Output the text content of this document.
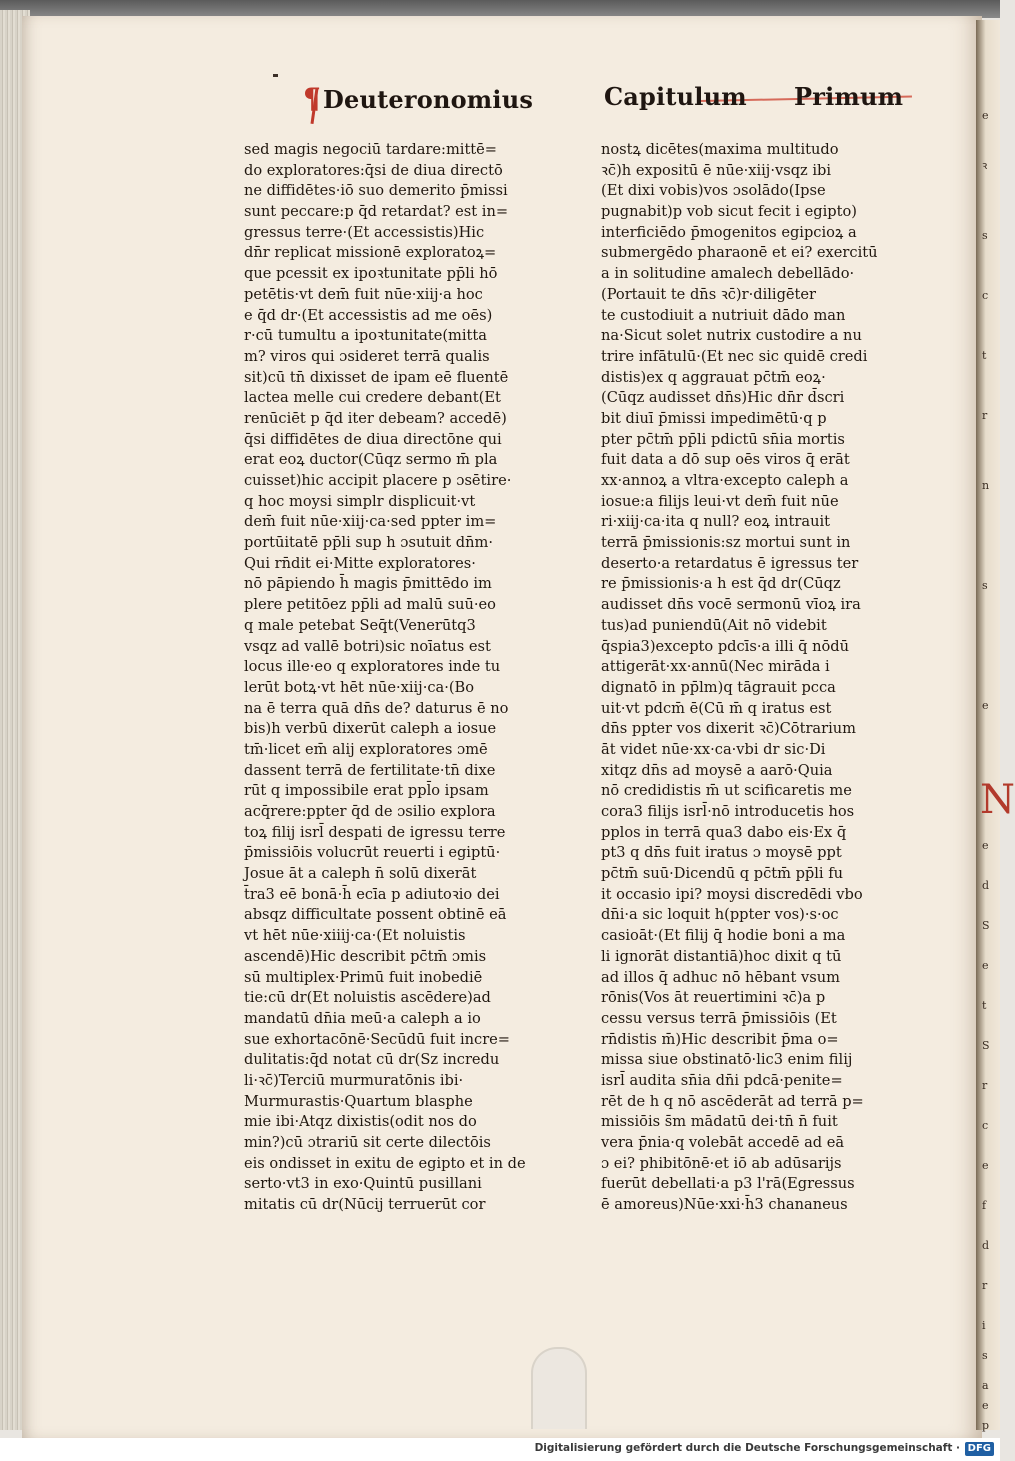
e
ꝛ
s
c
t
r
n
s
e
N
e
d
S
e
t
S
r
c
e
f
d
r
i
s
a
e
p
¶Deuteronomius	Capitulum Primum
sed magis negociū tardare:mittē=
do exploratores:q̄si de diua directō
ne diffidētes·iō suo demerito p̄missi
sunt peccare:p q̄d retardat? est in=
gressus terre·(Et accessistis)Hic
dn̄r replicat missionē exploratoꝝ=
que pcessit ex ipoꝛtunitate pp̄li hō
petētis·vt dem̄ fuit nūe·xiij·a hoc
e q̄d dr·(Et accessistis ad me oēs)
r·cū tumultu a ipoꝛtunitate(mitta
m? viros qui ɔsideret terrā qualis
sit)cū tn̄ dixisset de ipam eē fluentē
lactea melle cui credere debant(Et
renūciēt p q̄d iter debeam? accedē)
q̄si diffidētes de diua directōne qui
erat eoꝝ ductor(Cūqz sermo m̄ pla
cuisset)hic accipit placere p ɔsētire·
q hoc moysi simplr displicuit·vt
dem̄ fuit nūe·xiij·ca·sed ppter im=
portūitatē pp̄li sup h ɔsutuit dn̄m·
Qui rn̄dit ei·Mitte exploratores·
nō pāpiendo h̄ magis p̄mittēdo im
plere petitōez pp̄li ad malū suū·eo
q male petebat Seq̄t(Venerūtq3
vsqz ad vallē botri)sic noīatus est
locus ille·eo q exploratores inde tu
lerūt botꝝ·vt hēt nūe·xiij·ca·(Bo
na ē terra quā dn̄s de? daturus ē no
bis)h verbū dixerūt caleph a iosue
tm̄·licet em̄ alij exploratores ɔmē
dassent terrā de fertilitate·tn̄ dixe
rūt q impossibile erat ppl̄o ipsam
acq̄rere:ppter q̄d de ɔsilio explora
toꝝ filij isrl̄ despati de igressu terre
p̄missiōis volucrūt reuerti i egiptū·
Josue āt a caleph n̄ solū dixerāt
t̄ra3 eē bonā·h̄ ecīa p adiutoꝛio dei
absqz difficultate possent obtinē eā
vt hēt nūe·xiiij·ca·(Et noluistis
ascendē)Hic describit pc̄tm̄ ɔmis
sū multiplex·Primū fuit inobediē
tie:cū dr(Et noluistis ascēdere)ad
mandatū dn̄ia meū·a caleph a io
sue exhortacōnē·Secūdū fuit incre=
dulitatis:q̄d notat cū dr(Sz incredu
li·ꝛc̄)Terciū murmuratōnis ibi·
Murmurastis·Quartum blasphe
mie ibi·Atqz dixistis(odit nos do
min?)cū ɔtrariū sit certe dilectōis
eis ondisset in exitu de egipto et in de
serto·vt3 in exo·Quintū pusillani
mitatis cū dr(Nūcij terruerūt cor
nostꝝ dicētes(maxima multitudo
ꝛc̄)h expositū ē nūe·xiij·vsqz ibi
(Et dixi vobis)vos ɔsolādo(Ipse
pugnabit)p vob sicut fecit i egipto)
interficiēdo p̄mogenitos egipcioꝝ a
submergēdo pharaonē et ei? exercitū
a in solitudine amalech debellādo·
(Portauit te dn̄s ꝛc̄)r·diligēter
te custodiuit a nutriuit dādo man
na·Sicut solet nutrix custodire a nu
trire infātulū·(Et nec sic quidē credi
distis)ex q aggrauat pc̄tm̄ eoꝝ·
(Cūqz audisset dn̄s)Hic dn̄r d̄scri
bit diuī p̄missi impedimētū·q p
pter pc̄tm̄ pp̄li pdictū sn̄ia mortis
fuit data a dō sup oēs viros q̄ erāt
xx·annoꝝ a vltra·excepto caleph a
iosue:a filijs leui·vt dem̄ fuit nūe
ri·xiij·ca·ita q null? eoꝝ intrauit
terrā p̄missionis:sz mortui sunt in
deserto·a retardatus ē igressus ter
re p̄missionis·a h est q̄d dr(Cūqz
audisset dn̄s vocē sermonū vīoꝝ ira
tus)ad puniendū(Ait nō videbit
q̄spia3)excepto pdcīs·a illi q̄ nōdū
attigerāt·xx·annū(Nec mirāda i
dignatō in pp̄lm)q tāgrauit pcca
uit·vt pdcm̄ ē(Cū m̄ q iratus est
dn̄s ppter vos dixerit ꝛc̄)Cōtrarium
āt videt nūe·xx·ca·vbi dr sic·Di
xitqz dn̄s ad moysē a aarō·Quia
nō credidistis m̄ ut scificaretis me
cora3 filijs isrl̄·nō introducetis hos
pplos in terrā qua3 dabo eis·Ex q̄
pt3 q dn̄s fuit iratus ɔ moysē ppt
pc̄tm̄ suū·Dicendū q pc̄tm̄ pp̄li fu
it occasio ipi? moysi discredēdi vbo
dn̄i·a sic loquit h(ppter vos)·s·oc
casioāt·(Et filij q̄ hodie boni a ma
li ignorāt distantiā)hoc dixit q tū
ad illos q̄ adhuc nō hēbant vsum
rōnis(Vos āt reuertimini ꝛc̄)a p
cessu versus terrā p̄missiōis (Et
rn̄distis m̄)Hic describit p̄ma o=
missa siue obstinatō·lic3 enim filij
isrl̄ audita sn̄ia dn̄i pdcā·penite=
rēt de h q nō ascēderāt ad terrā p=
missiōis s̄m mādatū dei·tn̄ n̄ fuit
vera p̄nia·q volebāt accedē ad eā
ɔ ei? phibitōnē·et iō ab adūsarijs
fuerūt debellati·a p3 l'rā(Egressus
ē amoreus)Nūe·xxi·h̄3 chananeus
Digitalisierung gefördert durch die Deutsche Forschungsgemeinschaft · DFG
